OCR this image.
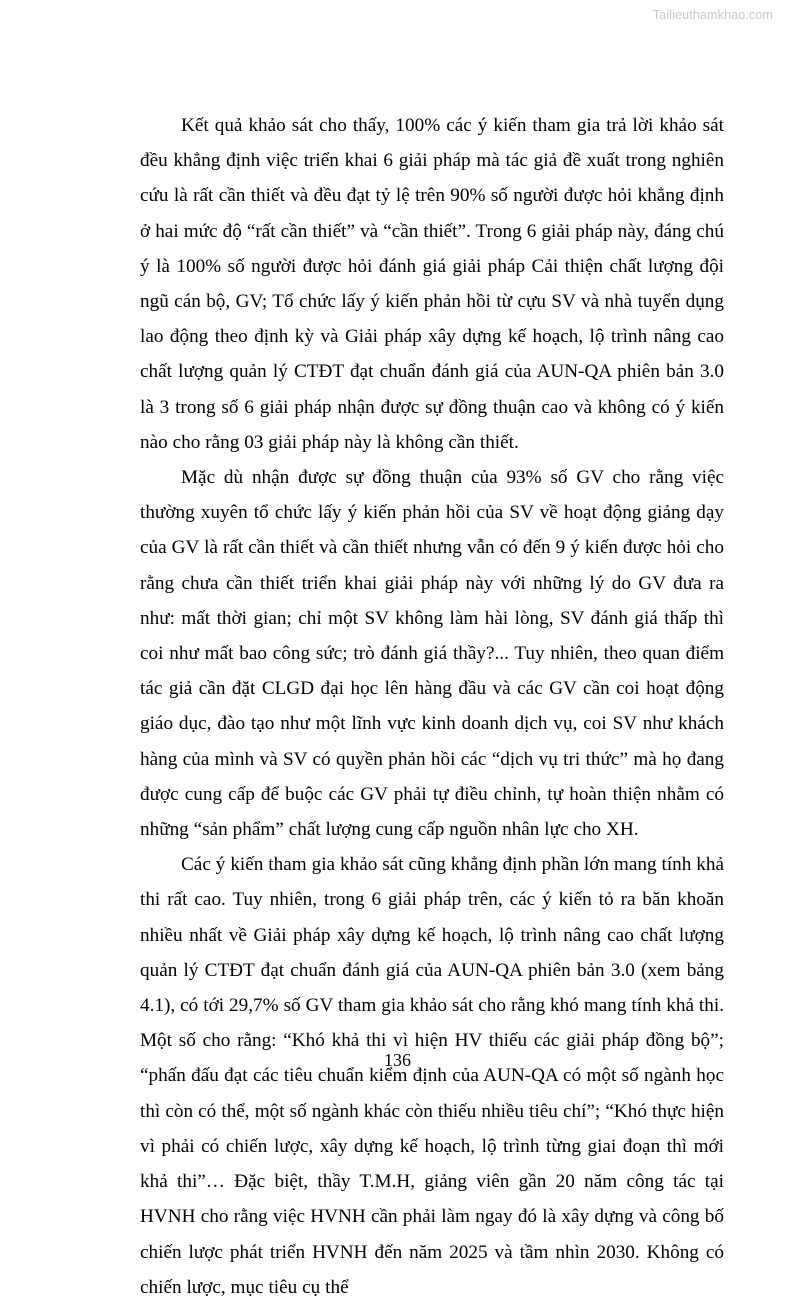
Tailieuthamkhao.com

Kết quả khảo sát cho thấy, 100% các ý kiến tham gia trả lời khảo sát đều khẳng định việc triển khai 6 giải pháp mà tác giả đề xuất trong nghiên cứu là rất cần thiết và đều đạt tỷ lệ trên 90% số người được hỏi khẳng định ở hai mức độ “rất cần thiết” và “cần thiết”. Trong 6 giải pháp này, đáng chú ý là 100% số người được hỏi đánh giá giải pháp Cải thiện chất lượng đội ngũ cán bộ, GV; Tổ chức lấy ý kiến phản hồi từ cựu SV và nhà tuyển dụng lao động theo định kỳ và Giải pháp xây dựng kế hoạch, lộ trình nâng cao chất lượng quản lý CTĐT đạt chuẩn đánh giá của AUN-QA phiên bản 3.0 là 3 trong số 6 giải pháp nhận được sự đồng thuận cao và không có ý kiến nào cho rằng 03 giải pháp này là không cần thiết.

Mặc dù nhận được sự đồng thuận của 93% số GV cho rằng việc thường xuyên tổ chức lấy ý kiến phản hồi của SV về hoạt động giảng dạy của GV là rất cần thiết và cần thiết nhưng vẫn có đến 9 ý kiến được hỏi cho rằng chưa cần thiết triển khai giải pháp này với những lý do GV đưa ra như: mất thời gian; chỉ một SV không làm hài lòng, SV đánh giá thấp thì coi như mất bao công sức; trò đánh giá thầy?... Tuy nhiên, theo quan điểm tác giả cần đặt CLGD đại học lên hàng đầu và các GV cần coi hoạt động giáo dục, đào tạo như một lĩnh vực kinh doanh dịch vụ, coi SV như khách hàng của mình và SV có quyền phản hồi các “dịch vụ tri thức” mà họ đang được cung cấp để buộc các GV phải tự điều chỉnh, tự hoàn thiện nhằm có những “sản phẩm” chất lượng cung cấp nguồn nhân lực cho XH.

Các ý kiến tham gia khảo sát cũng khẳng định phần lớn mang tính khả thi rất cao. Tuy nhiên, trong 6 giải pháp trên, các ý kiến tỏ ra băn khoăn nhiều nhất về Giải pháp xây dựng kế hoạch, lộ trình nâng cao chất lượng quản lý CTĐT đạt chuẩn đánh giá của AUN-QA phiên bản 3.0 (xem bảng 4.1), có tới 29,7% số GV tham gia khảo sát cho rằng khó mang tính khả thi. Một số cho rằng: “Khó khả thi vì hiện HV thiếu các giải pháp đồng bộ”; “phấn đấu đạt các tiêu chuẩn kiểm định của AUN-QA có một số ngành học thì còn có thể, một số ngành khác còn thiếu nhiều tiêu chí”; “Khó thực hiện vì phải có chiến lược, xây dựng kế hoạch, lộ trình từng giai đoạn thì mới khả thi”… Đặc biệt, thầy T.M.H, giảng viên gần 20 năm công tác tại HVNH cho rằng việc HVNH cần phải làm ngay đó là xây dựng và công bố chiến lược phát triển HVNH đến năm 2025 và tầm nhìn 2030. Không có chiến lược, mục tiêu cụ thể

136
